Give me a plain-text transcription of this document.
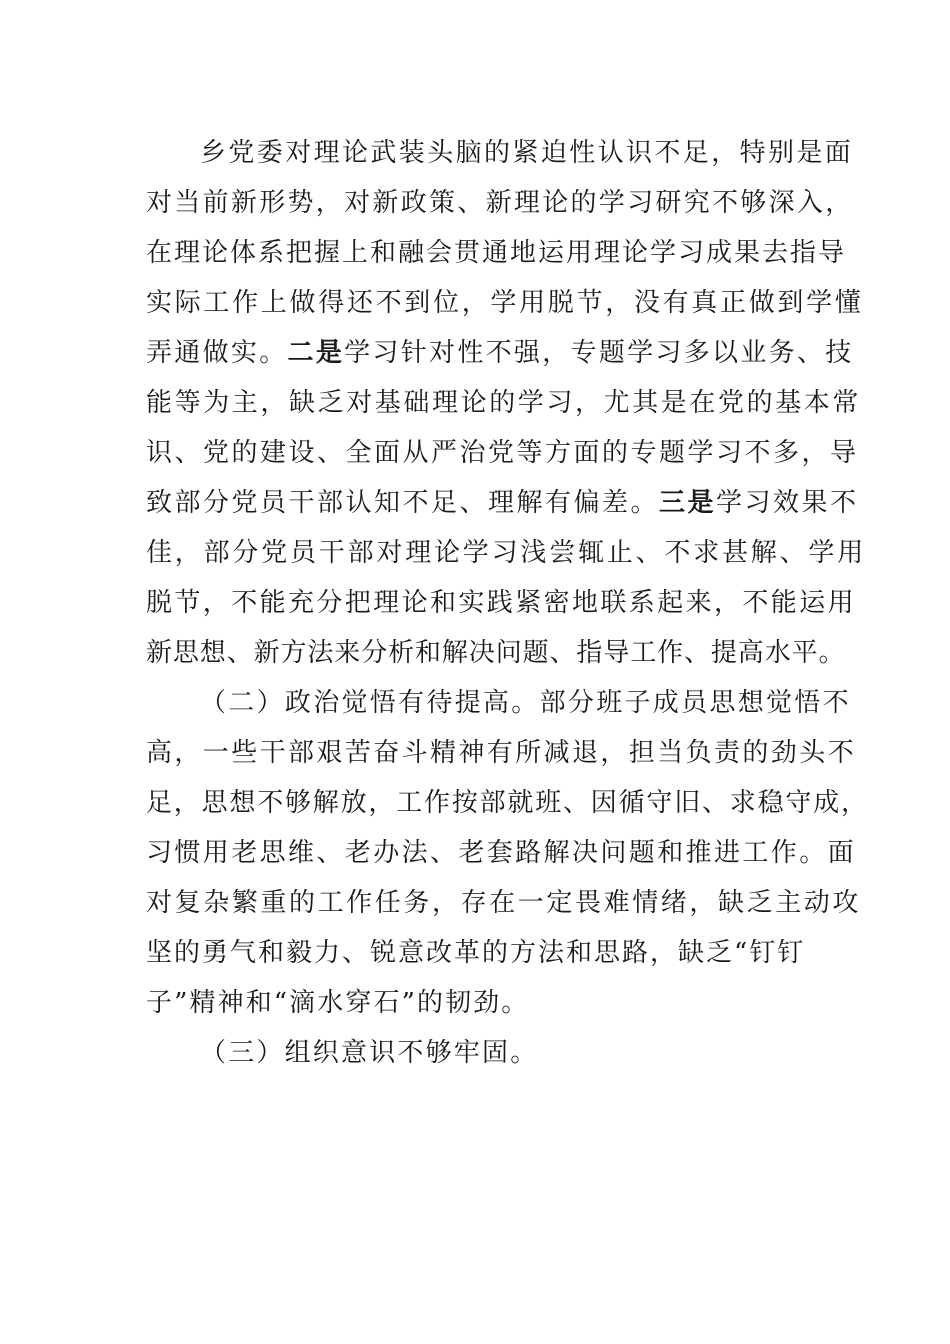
乡党委对理论武装头脑的紧迫性认识不足，特别是面
对当前新形势，对新政策、新理论的学习研究不够深入，
在理论体系把握上和融会贯通地运用理论学习成果去指导
实际工作上做得还不到位，学用脱节，没有真正做到学懂
弄通做实。二是学习针对性不强，专题学习多以业务、技
能等为主，缺乏对基础理论的学习，尤其是在党的基本常
识、党的建设、全面从严治党等方面的专题学习不多，导
致部分党员干部认知不足、理解有偏差。三是学习效果不
佳，部分党员干部对理论学习浅尝辄止、不求甚解、学用
脱节，不能充分把理论和实践紧密地联系起来，不能运用
新思想、新方法来分析和解决问题、指导工作、提高水平。
（二）政治觉悟有待提高。部分班子成员思想觉悟不
高，一些干部艰苦奋斗精神有所减退，担当负责的劲头不
足，思想不够解放，工作按部就班、因循守旧、求稳守成，
习惯用老思维、老办法、老套路解决问题和推进工作。面
对复杂繁重的工作任务，存在一定畏难情绪，缺乏主动攻
坚的勇气和毅力、锐意改革的方法和思路，缺乏“钉钉
子”精神和“滴水穿石”的韧劲。
（三）组织意识不够牢固。
